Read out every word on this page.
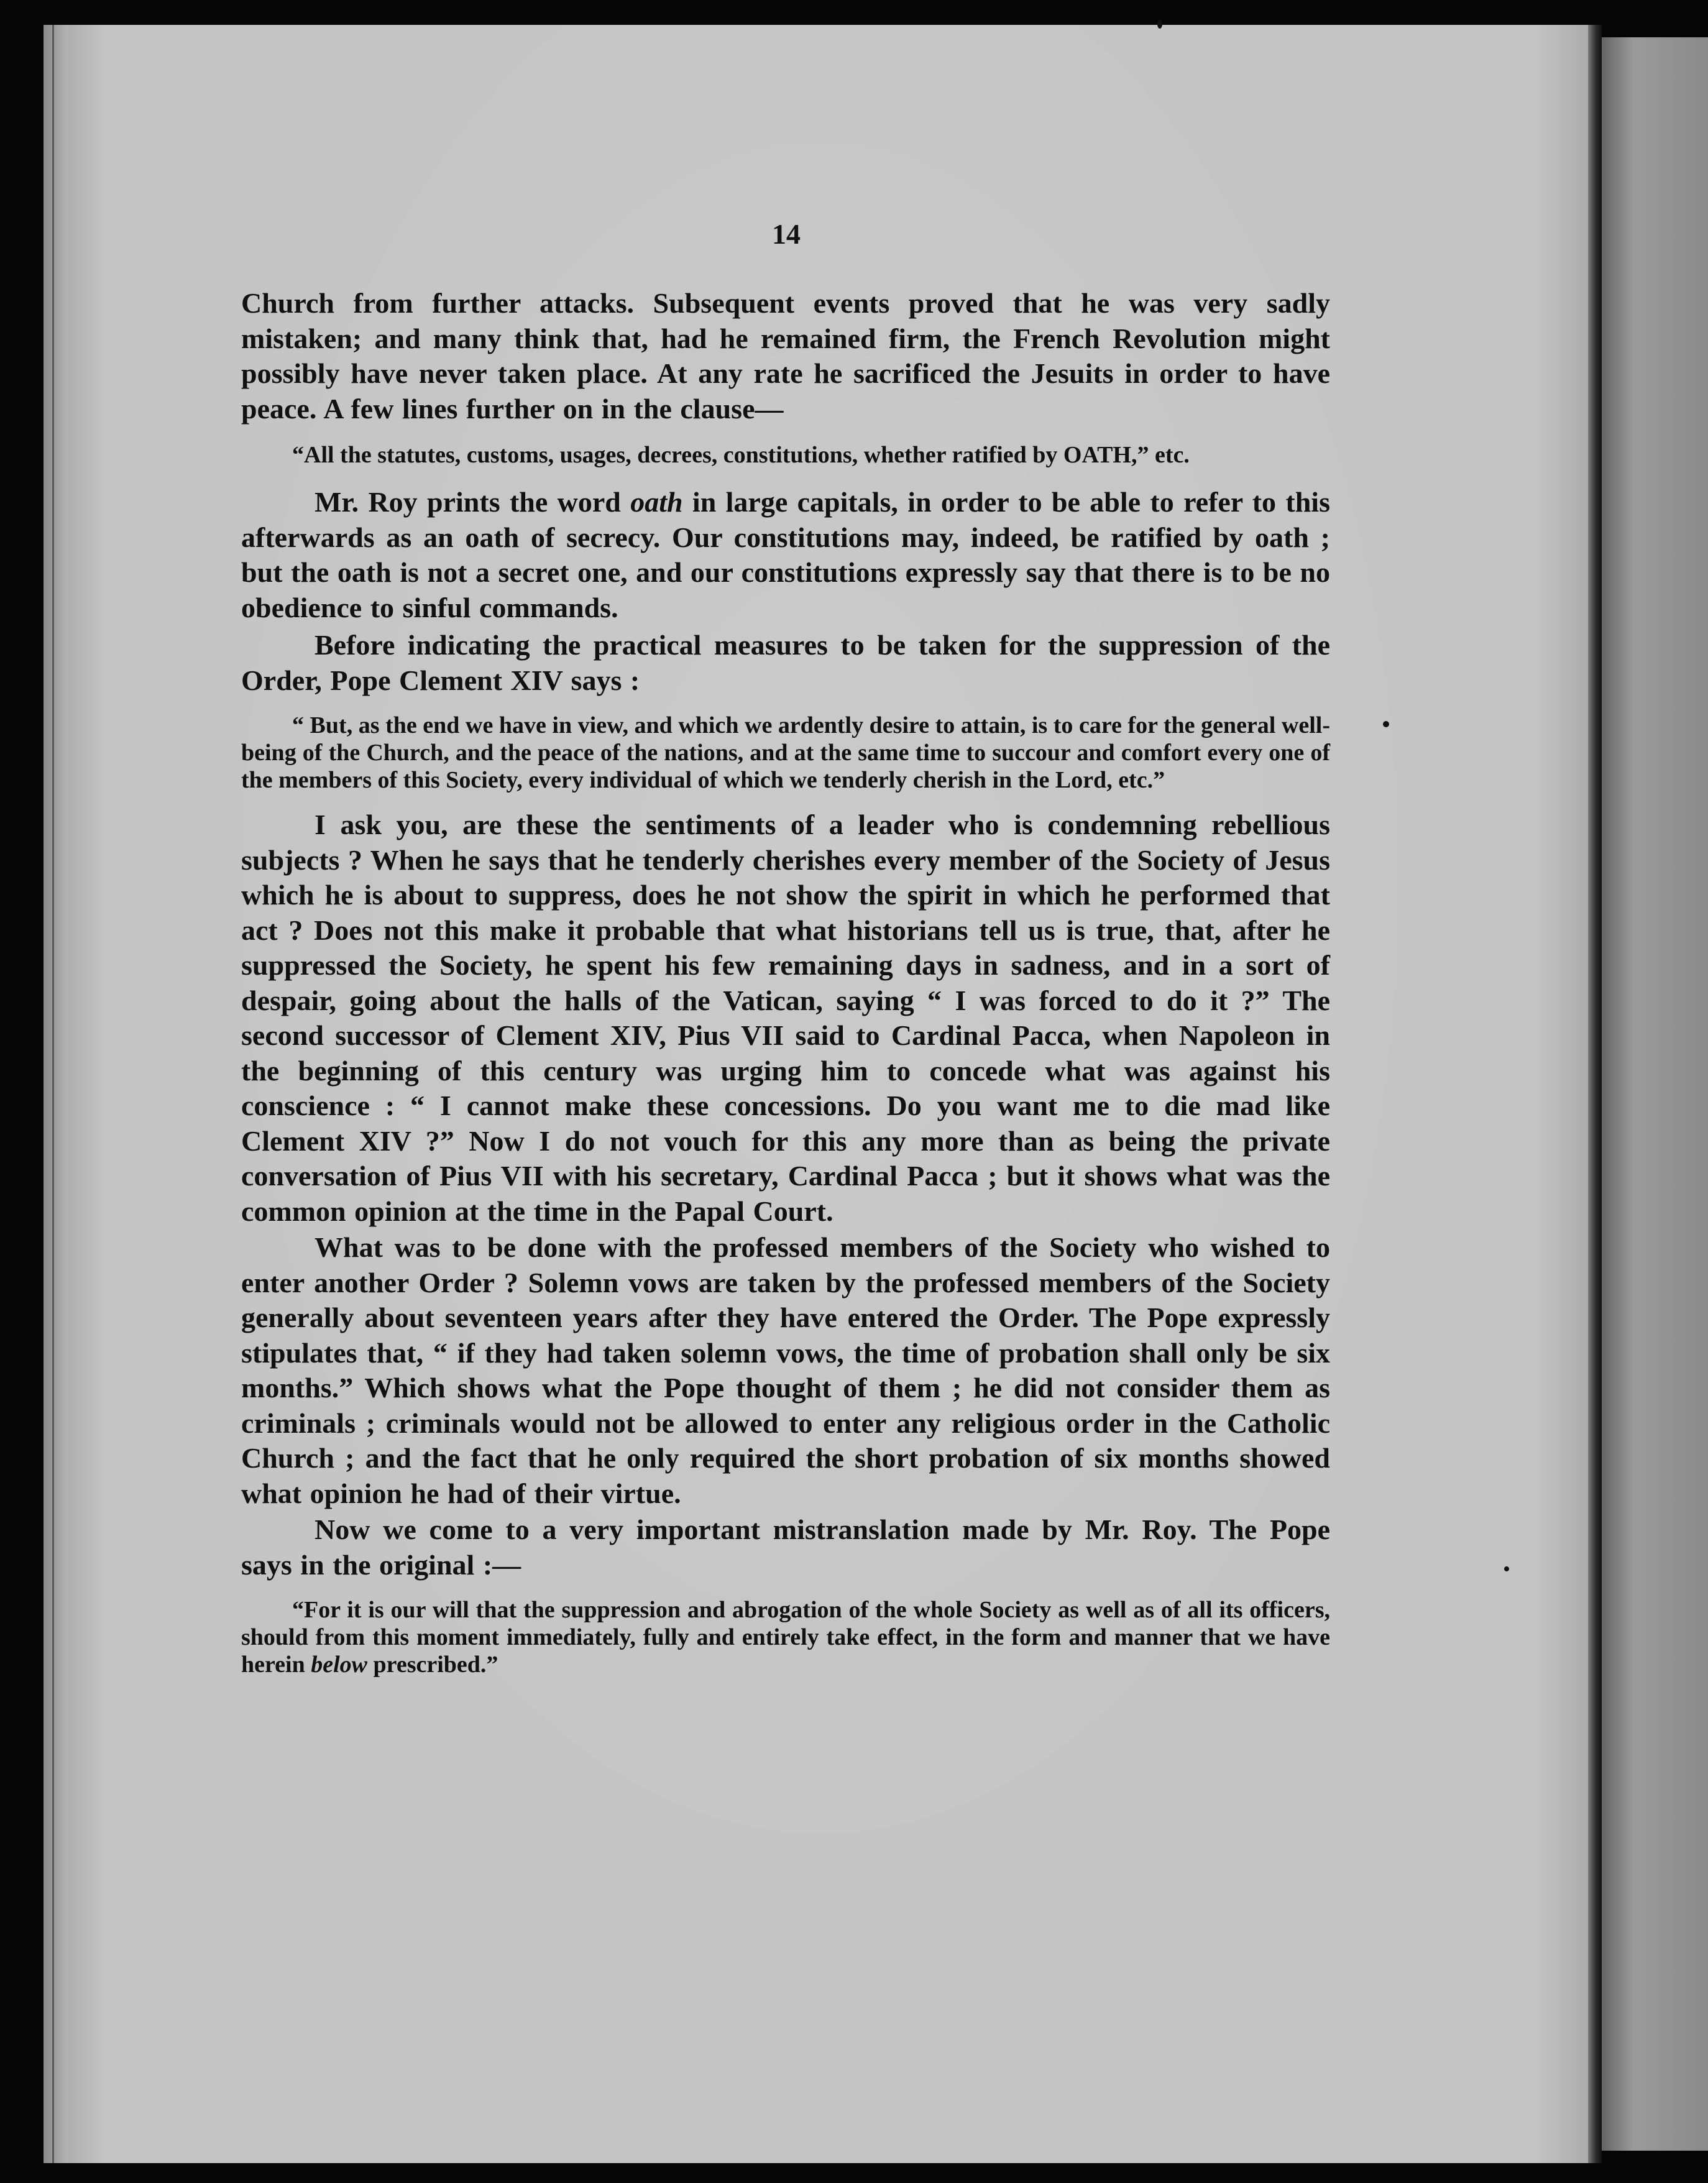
14

Church from further attacks. Subsequent events proved that he was very sadly mistaken; and many think that, had he remained firm, the French Revolution might possibly have never taken place. At any rate he sacrificed the Jesuits in order to have peace. A few lines further on in the clause—

“All the statutes, customs, usages, decrees, constitutions, whether ratified by OATH,” etc.

Mr. Roy prints the word oath in large capitals, in order to be able to refer to this afterwards as an oath of secrecy. Our constitutions may, indeed, be ratified by oath ; but the oath is not a secret one, and our constitutions expressly say that there is to be no obedience to sinful commands.

Before indicating the practical measures to be taken for the suppression of the Order, Pope Clement XIV says :

“ But, as the end we have in view, and which we ardently desire to attain, is to care for the general well-being of the Church, and the peace of the nations, and at the same time to succour and comfort every one of the members of this Society, every individual of which we tenderly cherish in the Lord, etc.”

I ask you, are these the sentiments of a leader who is condemning rebellious subjects ? When he says that he tenderly cherishes every member of the Society of Jesus which he is about to suppress, does he not show the spirit in which he performed that act ? Does not this make it probable that what historians tell us is true, that, after he suppressed the Society, he spent his few remaining days in sadness, and in a sort of despair, going about the halls of the Vatican, saying “ I was forced to do it ?” The second successor of Clement XIV, Pius VII said to Cardinal Pacca, when Napoleon in the beginning of this century was urging him to concede what was against his conscience : “ I cannot make these concessions. Do you want me to die mad like Clement XIV ?” Now I do not vouch for this any more than as being the private conversation of Pius VII with his secretary, Cardinal Pacca ; but it shows what was the common opinion at the time in the Papal Court.

What was to be done with the professed members of the Society who wished to enter another Order ? Solemn vows are taken by the professed members of the Society generally about seventeen years after they have entered the Order. The Pope expressly stipulates that, “ if they had taken solemn vows, the time of probation shall only be six months.” Which shows what the Pope thought of them ; he did not consider them as criminals ; criminals would not be allowed to enter any religious order in the Catholic Church ; and the fact that he only required the short probation of six months showed what opinion he had of their virtue.

Now we come to a very important mistranslation made by Mr. Roy. The Pope says in the original :—

“For it is our will that the suppression and abrogation of the whole Society as well as of all its officers, should from this moment immediately, fully and entirely take effect, in the form and manner that we have herein below prescribed.”
